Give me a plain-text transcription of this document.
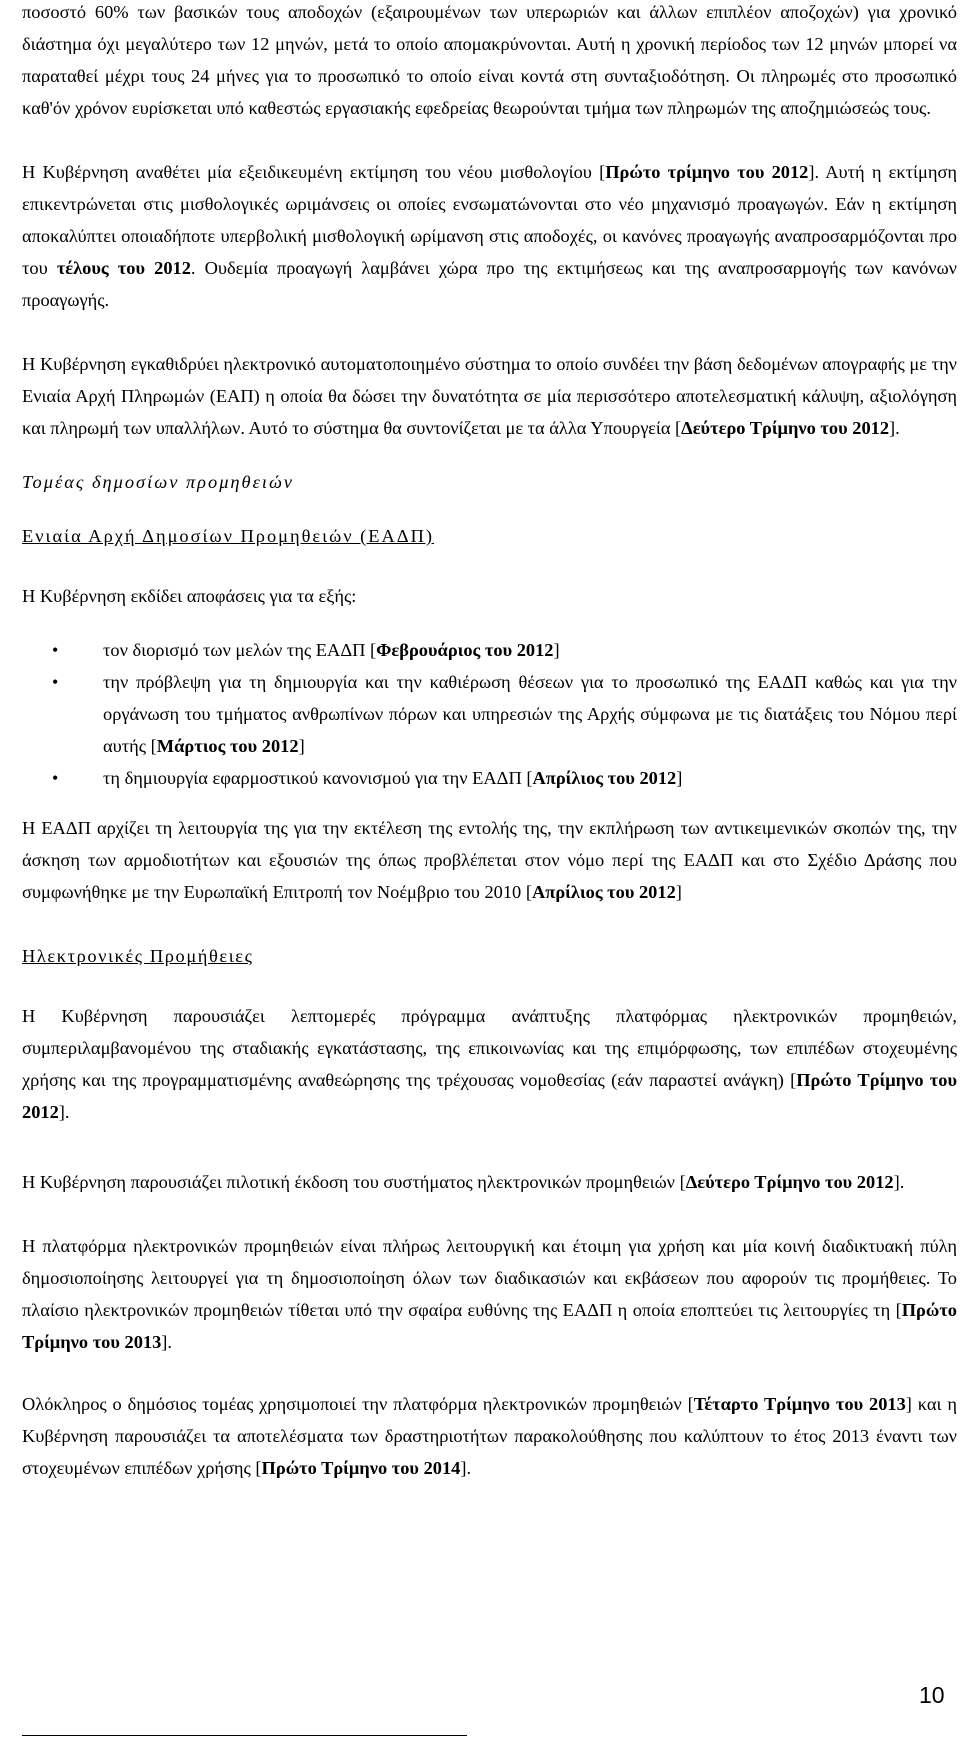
ποσοστό 60% των βασικών τους αποδοχών (εξαιρουμένων των υπερωριών και άλλων επιπλέον αποζοχών) για χρονικό διάστημα όχι μεγαλύτερο των 12 μηνών, μετά το οποίο απομακρύνονται. Αυτή η χρονική περίοδος των 12 μηνών μπορεί να παραταθεί μέχρι τους 24 μήνες για το προσωπικό το οποίο είναι κοντά στη συνταξιοδότηση. Οι πληρωμές στο προσωπικό καθ'όν χρόνον ευρίσκεται υπό καθεστώς εργασιακής εφεδρείας θεωρούνται τμήμα των πληρωμών της αποζημιώσεώς τους.

Η Κυβέρνηση αναθέτει μία εξειδικευμένη εκτίμηση του νέου μισθολογίου [Πρώτο τρίμηνο του 2012]. Αυτή η εκτίμηση επικεντρώνεται στις μισθολογικές ωριμάνσεις οι οποίες ενσωματώνονται στο νέο μηχανισμό προαγωγών. Εάν η εκτίμηση αποκαλύπτει οποιαδήποτε υπερβολική μισθολογική ωρίμανση στις αποδοχές, οι κανόνες προαγωγής αναπροσαρμόζονται προ του τέλους του 2012. Ουδεμία προαγωγή λαμβάνει χώρα προ της εκτιμήσεως και της αναπροσαρμογής των κανόνων προαγωγής.

Η Κυβέρνηση εγκαθιδρύει ηλεκτρονικό αυτοματοποιημένο σύστημα το οποίο συνδέει την βάση δεδομένων απογραφής με την Ενιαία Αρχή Πληρωμών (ΕΑΠ) η οποία θα δώσει την δυνατότητα σε μία περισσότερο αποτελεσματική κάλυψη, αξιολόγηση και πληρωμή των υπαλλήλων. Αυτό το σύστημα θα συντονίζεται με τα άλλα Υπουργεία [Δεύτερο Τρίμηνο του 2012].

Τομέας δημοσίων προμηθειών

Ενιαία Αρχή Δημοσίων Προμηθειών (ΕΑΔΠ)

Η Κυβέρνηση εκδίδει αποφάσεις για τα εξής:

• τον διορισμό των μελών της ΕΑΔΠ [Φεβρουάριος του 2012]
• την πρόβλεψη για τη δημιουργία και την καθιέρωση θέσεων για το προσωπικό της ΕΑΔΠ καθώς και για την οργάνωση του τμήματος ανθρωπίνων πόρων και υπηρεσιών της Αρχής σύμφωνα με τις διατάξεις του Νόμου περί αυτής [Μάρτιος του 2012]
• τη δημιουργία εφαρμοστικού κανονισμού για την ΕΑΔΠ [Απρίλιος του 2012]

Η ΕΑΔΠ αρχίζει τη λειτουργία της για την εκτέλεση της εντολής της, την εκπλήρωση των αντικειμενικών σκοπών της, την άσκηση των αρμοδιοτήτων και εξουσιών της όπως προβλέπεται στον νόμο περί της ΕΑΔΠ και στο Σχέδιο Δράσης που συμφωνήθηκε με την Ευρωπαϊκή Επιτροπή τον Νοέμβριο του 2010 [Απρίλιος του 2012]

Ηλεκτρονικές Προμήθειες

Η Κυβέρνηση παρουσιάζει λεπτομερές πρόγραμμα ανάπτυξης πλατφόρμας ηλεκτρονικών προμηθειών, συμπεριλαμβανομένου της σταδιακής εγκατάστασης, της επικοινωνίας και της επιμόρφωσης, των επιπέδων στοχευμένης χρήσης και της προγραμματισμένης αναθεώρησης της τρέχουσας νομοθεσίας (εάν παραστεί ανάγκη) [Πρώτο Τρίμηνο του 2012].

Η Κυβέρνηση παρουσιάζει πιλοτική έκδοση του συστήματος ηλεκτρονικών προμηθειών [Δεύτερο Τρίμηνο του 2012].

Η πλατφόρμα ηλεκτρονικών προμηθειών είναι πλήρως λειτουργική και έτοιμη για χρήση και μία κοινή διαδικτυακή πύλη δημοσιοποίησης λειτουργεί για τη δημοσιοποίηση όλων των διαδικασιών και εκβάσεων που αφορούν τις προμήθειες. Το πλαίσιο ηλεκτρονικών προμηθειών τίθεται υπό την σφαίρα ευθύνης της ΕΑΔΠ η οποία εποπτεύει τις λειτουργίες τη [Πρώτο Τρίμηνο του 2013].

Ολόκληρος ο δημόσιος τομέας χρησιμοποιεί την πλατφόρμα ηλεκτρονικών προμηθειών [Τέταρτο Τρίμηνο του 2013] και η Κυβέρνηση παρουσιάζει τα αποτελέσματα των δραστηριοτήτων παρακολούθησης που καλύπτουν το έτος 2013 έναντι των στοχευμένων επιπέδων χρήσης [Πρώτο Τρίμηνο του 2014].

10
